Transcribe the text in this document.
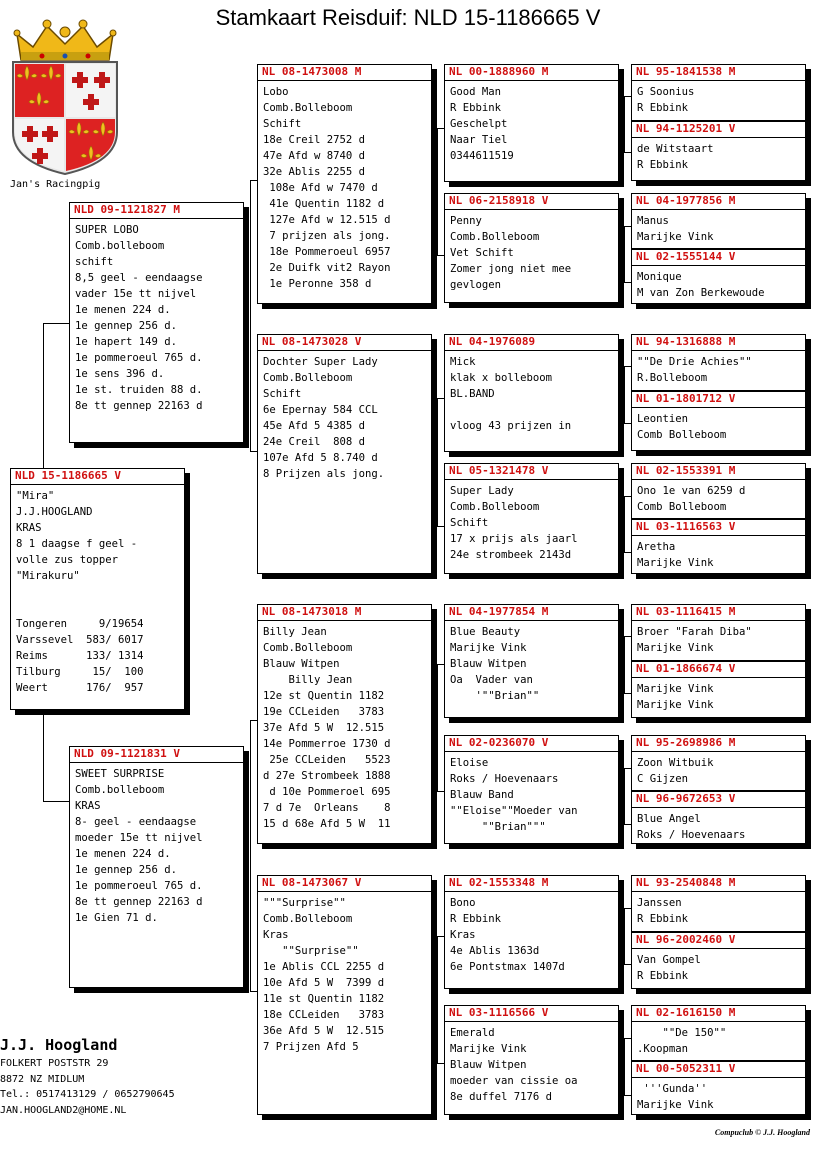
Stamkaart Reisduif: NLD 15-1186665 V
Jan's Racingpig
NLD 15-1186665 V
"Mira"
J.J.HOOGLAND
KRAS
8 1 daagse f geel -
volle zus topper
"Mirakuru"
Tongeren     9/19654
Varssevel  583/ 6017
Reims      133/ 1314
Tilburg     15/  100
Weert      176/  957
NLD 09-1121827 M
SUPER LOBO
Comb.bolleboom
schift
8,5 geel - eendaagse
vader 15e tt nijvel
1e menen 224 d.
1e gennep 256 d.
1e hapert 149 d.
1e pommeroeul 765 d.
1e sens 396 d.
1e st. truiden 88 d.
8e tt gennep 22163 d
NLD 09-1121831 V
SWEET SURPRISE
Comb.bolleboom
KRAS
8- geel - eendaagse
moeder 15e tt nijvel
1e menen 224 d.
1e gennep 256 d.
1e pommeroeul 765 d.
8e tt gennep 22163 d
1e Gien 71 d.
NL 08-1473008 M
Lobo
Comb.Bolleboom
Schift
18e Creil 2752 d
47e Afd w 8740 d
32e Ablis 2255 d
108e Afd w 7470 d
41e Quentin 1182 d
127e Afd w 12.515 d
7 prijzen als jong.
18e Pommeroeul 6957
2e Duifk vit2 Rayon
1e Peronne 358 d
NL 08-1473028 V
Dochter Super Lady
Comb.Bolleboom
Schift
6e Epernay 584 CCL
45e Afd 5 4385 d
24e Creil  808 d
107e Afd 5 8.740 d
8 Prijzen als jong.
NL 08-1473018 M
Billy Jean
Comb.Bolleboom
Blauw Witpen
Billy Jean
12e st Quentin 1182
19e CCLeiden   3783
37e Afd 5 W  12.515
14e Pommerroe 1730 d
25e CCLeiden   5523
d 27e Strombeek 1888
d 10e Pommeroel 695
7 d 7e  Orleans    8
15 d 68e Afd 5 W  11
NL 08-1473067 V
"""Surprise""
Comb.Bolleboom
Kras
""Surprise""
1e Ablis CCL 2255 d
10e Afd 5 W  7399 d
11e st Quentin 1182
18e CCLeiden   3783
36e Afd 5 W  12.515
7 Prijzen Afd 5
NL 00-1888960 M
Good Man
R Ebbink
Geschelpt
Naar Tiel
0344611519
NL 06-2158918 V
Penny
Comb.Bolleboom
Vet Schift
Zomer jong niet mee
gevlogen
NL 04-1976089
Mick
klak x bolleboom
BL.BAND
vloog 43 prijzen in
NL 05-1321478 V
Super Lady
Comb.Bolleboom
Schift
17 x prijs als jaarl
24e strombeek 2143d
NL 04-1977854 M
Blue Beauty
Marijke Vink
Blauw Witpen
Oa  Vader van
'""Brian""
NL 02-0236070 V
Eloise
Roks / Hoevenaars
Blauw Band
""Eloise""Moeder van
""Brian"""
NL 02-1553348 M
Bono
R Ebbink
Kras
4e Ablis 1363d
6e Pontstmax 1407d
NL 03-1116566 V
Emerald
Marijke Vink
Blauw Witpen
moeder van cissie oa
8e duffel 7176 d
NL 95-1841538 M
G Soonius
R Ebbink
NL 94-1125201 V
de Witstaart
R Ebbink
NL 04-1977856 M
Manus
Marijke Vink
NL 02-1555144 V
Monique
M van Zon Berkewoude
NL 94-1316888 M
""De Drie Achies""
R.Bolleboom
NL 01-1801712 V
Leontien
Comb Bolleboom
NL 02-1553391 M
Ono 1e van 6259 d
Comb Bolleboom
NL 03-1116563 V
Aretha
Marijke Vink
NL 03-1116415 M
Broer "Farah Diba"
Marijke Vink
NL 01-1866674 V
Marijke Vink
Marijke Vink
NL 95-2698986 M
Zoon Witbuik
C Gijzen
NL 96-9672653 V
Blue Angel
Roks / Hoevenaars
NL 93-2540848 M
Janssen
R Ebbink
NL 96-2002460 V
Van Gompel
R Ebbink
NL 02-1616150 M
""De 150""
.Koopman
NL 00-5052311 V
'''Gunda''
Marijke Vink
J.J. Hoogland
FOLKERT POSTSTR 29
8872 NZ MIDLUM
Tel.: 0517413129 / 0652790645
JAN.HOOGLAND2@HOME.NL
Compuclub © J.J. Hoogland
